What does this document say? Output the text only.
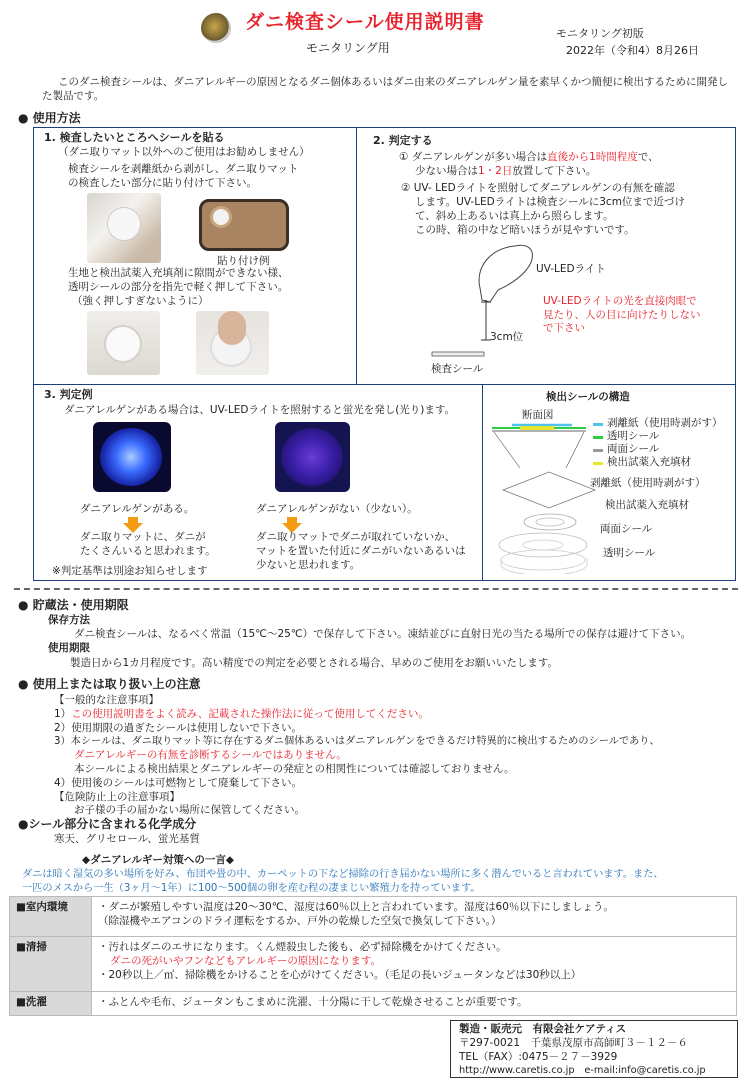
ダニ検査シール使用説明書
モニタリング用
モニタリング初版
2022年（令和4）8月26日
このダニ検査シールは、ダニアレルギーの原因となるダニ個体あるいはダニ由来のダニアレルゲン量を素早くかつ簡便に検出するために開発した製品です。
● 使用方法
1. 検査したいところへシールを貼る
（ダニ取りマット以外へのご使用はお勧めしません）
検査シールを剥離紙から剥がし、ダニ取りマット
の検査したい部分に貼り付けて下さい。
貼り付け例
生地と検出試薬入充填剤に隙間ができない様、
透明シールの部分を指先で軽く押して下さい。
（強く押しすぎないように）
2. 判定する
① ダニアレルゲンが多い場合は直後から1時間程度で、
少ない場合は1・2日放置して下さい。
② UV- LEDライトを照射してダニアレルゲンの有無を確認
します。UV-LEDライトは検査シールに3cm位まで近づけ
て、斜め上あるいは真上から照らします。
この時、箱の中など暗いほうが見やすいです。
UV-LEDライト
UV-LEDライトの光を直接肉眼で
見たり、人の目に向けたりしない
で下さい
3cm位
検査シール
3. 判定例
ダニアレルゲンがある場合は、UV-LEDライトを照射すると蛍光を発し(光り)ます。
ダニアレルゲンがある。	ダニアレルゲンがない（少ない）。
ダニ取りマットに、ダニが
たくさんいると思われます。
ダニ取りマットでダニが取れていないか、
マットを置いた付近にダニがいないあるいは
少ないと思われます。
※判定基準は別途お知らせします
検出シールの構造
断面図
剥離紙（使用時剥がす）
透明シール
両面シール
検出試薬入充填材
剥離紙（使用時剥がす）
検出試薬入充填材
両面シール
透明シール
● 貯蔵法・使用期限
保存方法
ダニ検査シールは、なるべく常温（15℃～25℃）で保存して下さい。凍結並びに直射日光の当たる場所での保存は避けて下さい。
使用期限
製造日から1カ月程度です。高い精度での判定を必要とされる場合、早めのご使用をお願いいたします。
● 使用上または取り扱い上の注意
【一般的な注意事項】
1）この使用説明書をよく読み、記載された操作法に従って使用してください。
2）使用期限の過ぎたシールは使用しないで下さい。
3）本シールは、ダニ取りマット等に存在するダニ個体あるいはダニアレルゲンをできるだけ特異的に検出するためのシールであり、
ダニアレルギーの有無を診断するシールではありません。
本シールによる検出結果とダニアレルギーの発症との相関性については確認しておりません。
4）使用後のシールは可燃物として廃棄して下さい。
【危険防止上の注意事項】
お子様の手の届かない場所に保管してください。
●シール部分に含まれる化学成分
寒天、グリセロール、蛍光基質
◆ダニアレルギー対策への一言◆
ダニは暗く湿気の多い場所を好み、布団や畳の中、カーペットの下など掃除の行き届かない場所に多く潜んでいると言われています。また、
一匹のメスから一生（3ヶ月～1年）に100～500個の卵を産む程の凄まじい繁殖力を持っています。
■室内環境	・ダニが繁殖しやすい温度は20～30℃、湿度は60％以上と言われています。湿度は60％以下にしましょう。
（除湿機やエアコンのドライ運転をするか、戸外の乾燥した空気で換気して下さい。）

■清掃	・汚れはダニのエサになります。くん煙殺虫した後も、必ず掃除機をかけてください。
ダニの死がいやフンなどもアレルギーの原因になります。
・20秒以上／㎡、掃除機をかけることを心がけてください。（毛足の長いジュータンなどは30秒以上）

■洗濯	・ふとんや毛布、ジュータンもこまめに洗濯、十分陽に干して乾燥させることが重要です。
製造・販売元　有限会社ケアティス
〒297-0021　千葉県茂原市高師町３－１２－６
TEL（FAX）:0475－２７－3929
http://www.caretis.co.jp　e-mail:info@caretis.co.jp
